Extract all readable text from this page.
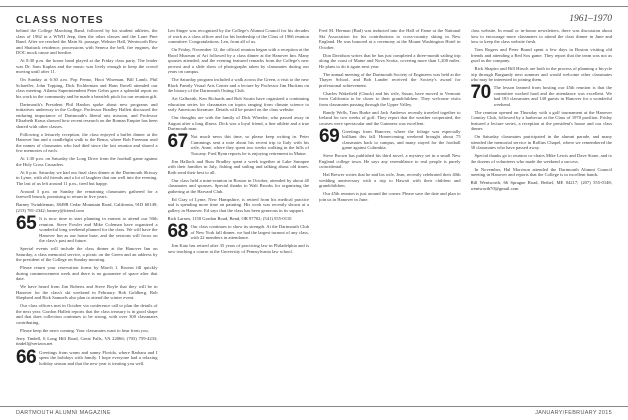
CLASS NOTES	1961–1970

behind the College Marching Band, followed by his student athletes, the class of 1962 in a WWII Jeep, then the other classes and the Lone Pine Band. After we reached the Main St. passage, Webster Hall, Wentworth Row and Shattuck residence, processions with Seneca the bell, fire engines, the DOC mock canoe and bonfire.

At 8:30 p.m. the honor band played at the Friday class party. The leader was Dr. Sam Kaplan and the music was lively enough to keep the crowd moving until after 11.

On Sunday at 6:30 a.m. Pop Fenno, Hoot Wiseman, Bill Lamb, Phil Schaeffer, John Topping, Dick Eichlerman and Hans Ihwell attended our class meeting. Atlanta Superintendent Peter Gehrs gave a splendid report on his work in the community and he made a heartfelt pitch for our reunion gift.

Dartmouth's President Phil Hanlon spoke about new programs and initiatives underway in the College. Professor Bradley Hallett discussed the enduring importance of Dartmouth's liberal arts mission, and Professor Elizabeth Kraus showed how recent research on the Roman Empire has been shared with other classes.

Following a leisurely reception, the class enjoyed a buffet dinner at the Hanover Inn and a candlelight walk to the Bema, where Bob Freeman read the names of classmates who had died since the last reunion and shared a few memories of each.

At 1:30 p.m. on Saturday the Long Drive from the football game against the Holy Cross Crusaders.

At 6 p.m. Saturday we had our final class dinner at the Dartmouth Skiway in Lyme, with old friends and a lot of laughter that ran well into the evening. The last of us left around 11 p.m., tired but happy.

Around 3 p.m. on Sunday the remaining classmates gathered for a farewell brunch, promising to return in five years.

Barney Twinkleman, 3849B Cedar Mountain Road, California, 91D 60149; (213) 781-2342; barney@friend.com

65 It is now time to start planning in earnest to attend our 50th reunion. Steve Fowler and Mike Coleman have organized a wonderful long weekend planned for the class. We will have the Hanover Inn as our home base, and the sessions will focus on the class's past and future.

Special events will include the class dinner at the Hanover Inn on Saturday, a class memorial service, a picnic on the Green and an address by the president of the College on Sunday morning.

Please return your reservation forms by March 1. Rooms fill quickly during commencement week and there is no guarantee of space after that date.

We have heard from Jim Roberts and Steve Boyle that they will be in Hanover for the class's ski weekend in February. Bob Goldberg, Bob Shepherd and Rick Samuels also plan to attend the winter event.

Our class officers met in October via conference call to plan the details of the next year. Gordon Hallett reports that the class treasury is in good shape and that dues collection continues to be strong, with over 300 classmates contributing.

Please keep the news coming. Your classmates want to hear from you.

Jerry Tindell, 6 Long Hill Road, Great Falls, VA 22066; (703) 759-4233; tindell@verizon.net

66 Greetings from warm and sunny Florida, where Barbara and I spent the holidays with family. I hope everyone had a relaxing holiday season and that the new year is treating you well.

Len Singer was recognized by the College's Alumni Council for his decades of work as a class officer and for his leadership of the Class of 1966 reunion committee. Congratulations, Len, from all of us.

On Friday, November 12, the official reunion began with a reception at the Hood Museum of Art followed by a class dinner at the Hanover Inn. Many spouses attended, and the evening featured remarks from the College's new provost and a slide show of photographs taken by classmates during our years on campus.

The Saturday program included a walk across the Green, a visit to the new Black Family Visual Arts Center and a lecture by Professor Jim Huckins on the history of the Dartmouth Outing Club.

Art Galbraith, Ken Richards and Bob Swain have organized a continuing education series for classmates on topics ranging from climate science to early American literature. Details will be posted on the class website.

Our thoughts are with the family of Dick Wheeler, who passed away in August after a long illness. Dick was a loyal friend, a fine athlete and a true Dartmouth man.

67 Not much news this time, so please keep writing in. Peter Cummings sent a note about his recent trip to Italy with his wife, Anne, where they spent two weeks walking in the hills of Tuscany. Fred Ryan reports he is enjoying retirement in Maine.

Jim Hallock and Russ Bradley spent a week together at Lake Sunapee with their families in July, fishing and sailing and talking about old times. Both send their best to all.

Our class held a mini-reunion in Boston in October, attended by about 40 classmates and spouses. Special thanks to Walt Brooks for organizing the gathering at the Harvard Club.

Ed Gray of Lyme, New Hampshire, is retired from his medical practice and is spending more time on painting. His work was recently shown at a gallery in Hanover. Ed says that the class has been generous in its support.

Rich Larsen, 1150 Gordon Road, Bend, OR 97702; (541) 555-0110

68 Our class continues to show its strength. At the Dartmouth Club of New York fall dinner, we had the largest turnout of any class, with 22 members in attendance.

Jim Katz has retired after 35 years of practicing law in Philadelphia and is now teaching a course at the University of Pennsylvania law school.

Fred M. Herman (Bud) was inducted into the Hall of Fame at the National Ski Association for his contributions to cross-country skiing in New England. He was honored at a ceremony at the Mount Washington Hotel in October.

Don Davidson writes that he has just completed a three-month sailing trip along the coast of Maine and Nova Scotia, covering more than 1,200 miles. He plans to do it again next year.

The annual meeting of the Dartmouth Society of Engineers was held at the Thayer School, and Bob Lander received the Society's award for professional achievement.

Charles Wakefield (Chuck) and his wife, Susan, have moved to Vermont from California to be closer to their grandchildren. They welcome visits from classmates passing through the Upper Valley.

Randy Wells, Tom Burke and Jack Andrews recently traveled together to Ireland for two weeks of golf. They report that the weather cooperated, the courses were spectacular and the Guinness was excellent.

69 Greetings from Hanover, where the foliage was especially brilliant this fall. Homecoming weekend brought about 75 classmates back to campus, and many stayed for the football game against Columbia.

Steve Brown has published his third novel, a mystery set in a small New England college town. He says any resemblance to real people is purely coincidental.

Hal Brewer writes that he and his wife, Jean, recently celebrated their 40th wedding anniversary with a trip to Hawaii with their children and grandchildren.

Our 45th reunion is just around the corner. Please save the date and plan to join us in Hanover in June.

class website. In email or in-house newsletters, there was discussion about how to encourage more classmates to attend the class dinner in June and how to keep the class website fresh.

Tom Rogers and Peter Brand spent a few days in Boston visiting old friends and attending a Red Sox game. They report that the team was not as good as the company.

Rick Shapiro and Bill Hirsch are both in the process of planning a bicycle trip through Burgundy next summer and would welcome other classmates who may be interested in joining them.

70 The lesson learned from hosting our 45th reunion is that the committee worked hard and the attendance was excellent. We had 183 classmates and 140 guests in Hanover for a wonderful weekend.

The reunion opened on Thursday with a golf tournament at the Hanover Country Club, followed by a barbecue at the Class of 1970 pavilion. Friday featured a lecture series, a reception at the president's house and our class dinner.

On Saturday classmates participated in the alumni parade, and many attended the memorial service in Rollins Chapel, where we remembered the 58 classmates who have passed away.

Special thanks go to reunion co-chairs Mike Lewis and Dave Stone, and to the dozens of volunteers who made the weekend a success.

In November, Hal Morrison attended the Dartmouth Alumni Council meeting in Hanover and reports that the College is in excellent hands.

Bill Wentworth, 66 Sprague Road, Bethel, ME 04217; (207) 555-0148; wentworth70@gmail.com

DARTMOUTH ALUMNI MAGAZINE	JANUARY/FEBRUARY 2015
